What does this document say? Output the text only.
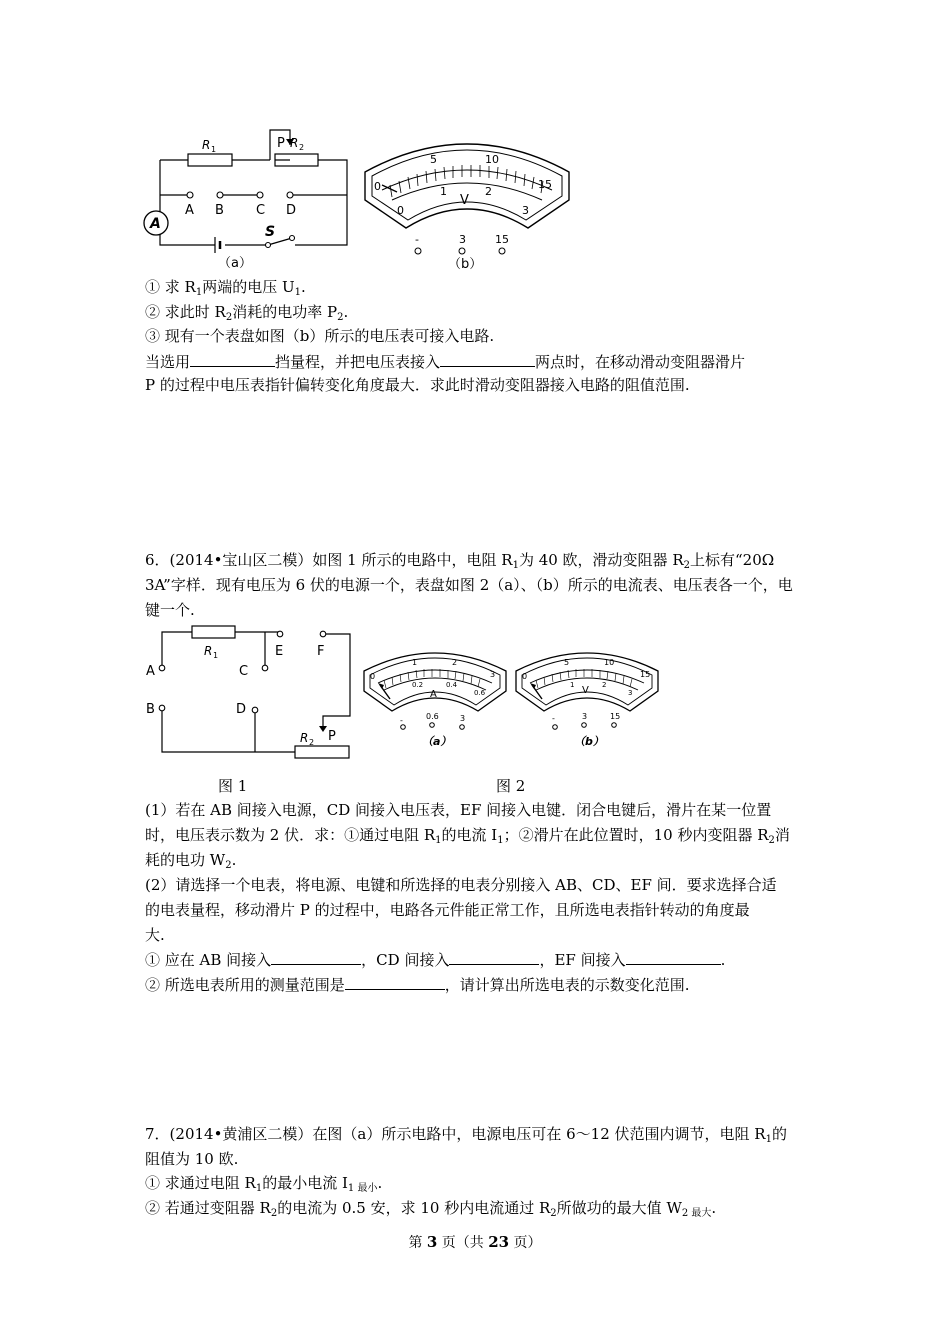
R 1	P R 2
A B C D
A	S
（a）
0
5	10
15
0
1	2
3
V
-	3	15
（b）
① 求 $R_1$两端的电压 $U_1$.
② 求此时 $R_2$消耗的电功率 $P_2$.
③ 现有一个表盘如图（b）所示的电压表可接入电路.
当选用	挡量程，并把电压表接入	两点时，在移动滑动变阻器滑片
P 的过程中电压表指针偏转变化角度最大．求此时滑动变阻器接入电路的阻值范围.
6．(2014•宝山区二模）如图 1 所示的电路中，电阻 $R_1$为 40 欧，滑动变阻器 $R_2$上标有“20Ω
3A”字样．现有电压为 6 伏的电源一个，表盘如图 2（a）、（b）所示的电流表、电压表各一个，电
键一个.
R 1
A	C
E	F
B	D
R 2 P
0
1	2
3
0.2	0.4
0.6
A
-	0.6	3
（a）
0
5	10
15
1	2
3
V
-	3	15
（b）
图 1	图 2
(1）若在 AB 间接入电源，CD 间接入电压表，EF 间接入电键．闭合电键后，滑片在某一位置
时，电压表示数为 2 伏．求：①通过电阻 $R_1$的电流 $I_1$；②滑片在此位置时，10 秒内变阻器 $R_2$消
耗的电功 $W_2$.
(2）请选择一个电表，将电源、电键和所选择的电表分别接入 AB、CD、EF 间．要求选择合适
的电表量程，移动滑片 P 的过程中，电路各元件能正常工作，且所选电表指针转动的角度最
大.
① 应在 AB 间接入	，CD 间接入	，EF 间接入	.
② 所选电表所用的测量范围是	，请计算出所选电表的示数变化范围.
7．(2014•黄浦区二模）在图（a）所示电路中，电源电压可在 6～12 伏范围内调节，电阻 $R_1$的
阻值为 10 欧.
① 求通过电阻 $R_1$的最小电流 $I_{1 最小}$.
② 若通过变阻器 $R_2$的电流为 0.5 安，求 10 秒内电流通过 $R_2$所做功的最大值 $W_{2 最大}$.
第 3 页（共 23 页）
